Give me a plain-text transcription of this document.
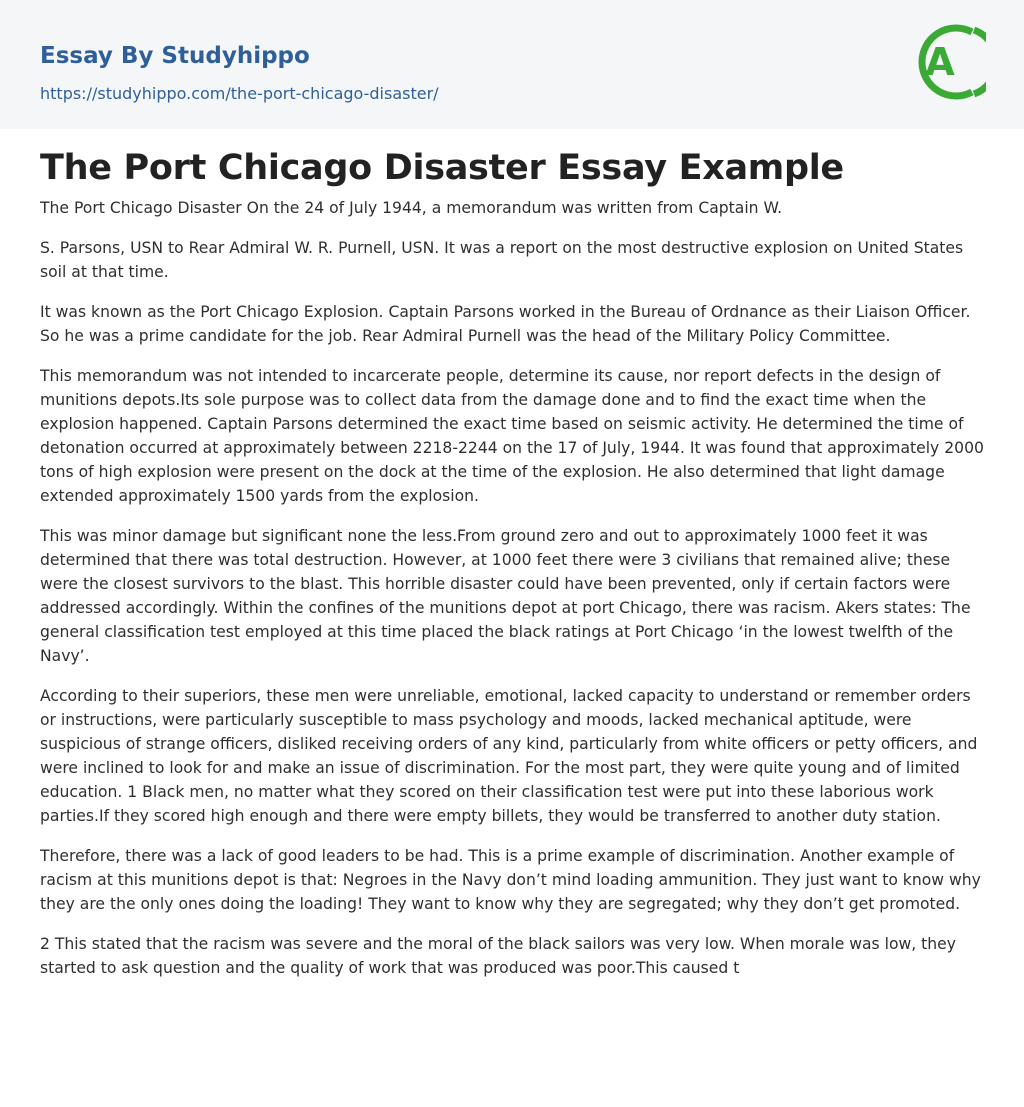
Essay By Studyhippo
https://studyhippo.com/the-port-chicago-disaster/
A
The Port Chicago Disaster Essay Example

The Port Chicago Disaster On the 24 of July 1944, a memorandum was written from Captain W.

S. Parsons, USN to Rear Admiral W. R. Purnell, USN. It was a report on the most destructive explosion on United States soil at that time.

It was known as the Port Chicago Explosion. Captain Parsons worked in the Bureau of Ordnance as their Liaison Officer. So he was a prime candidate for the job. Rear Admiral Purnell was the head of the Military Policy Committee.

This memorandum was not intended to incarcerate people, determine its cause, nor report defects in the design of munitions depots.Its sole purpose was to collect data from the damage done and to find the exact time when the explosion happened. Captain Parsons determined the exact time based on seismic activity. He determined the time of detonation occurred at approximately between 2218-2244 on the 17 of July, 1944. It was found that approximately 2000 tons of high explosion were present on the dock at the time of the explosion. He also determined that light damage extended approximately 1500 yards from the explosion.

This was minor damage but significant none the less.From ground zero and out to approximately 1000 feet it was determined that there was total destruction. However, at 1000 feet there were 3 civilians that remained alive; these were the closest survivors to the blast. This horrible disaster could have been prevented, only if certain factors were addressed accordingly. Within the confines of the munitions depot at port Chicago, there was racism. Akers states: The general classification test employed at this time placed the black ratings at Port Chicago ‘in the lowest twelfth of the Navy’.

According to their superiors, these men were unreliable, emotional, lacked capacity to understand or remember orders or instructions, were particularly susceptible to mass psychology and moods, lacked mechanical aptitude, were suspicious of strange officers, disliked receiving orders of any kind, particularly from white officers or petty officers, and were inclined to look for and make an issue of discrimination. For the most part, they were quite young and of limited education. 1 Black men, no matter what they scored on their classification test were put into these laborious work parties.If they scored high enough and there were empty billets, they would be transferred to another duty station.

Therefore, there was a lack of good leaders to be had. This is a prime example of discrimination. Another example of racism at this munitions depot is that: Negroes in the Navy don’t mind loading ammunition. They just want to know why they are the only ones doing the loading! They want to know why they are segregated; why they don’t get promoted.

2 This stated that the racism was severe and the moral of the black sailors was very low. When morale was low, they started to ask question and the quality of work that was produced was poor.This caused t
